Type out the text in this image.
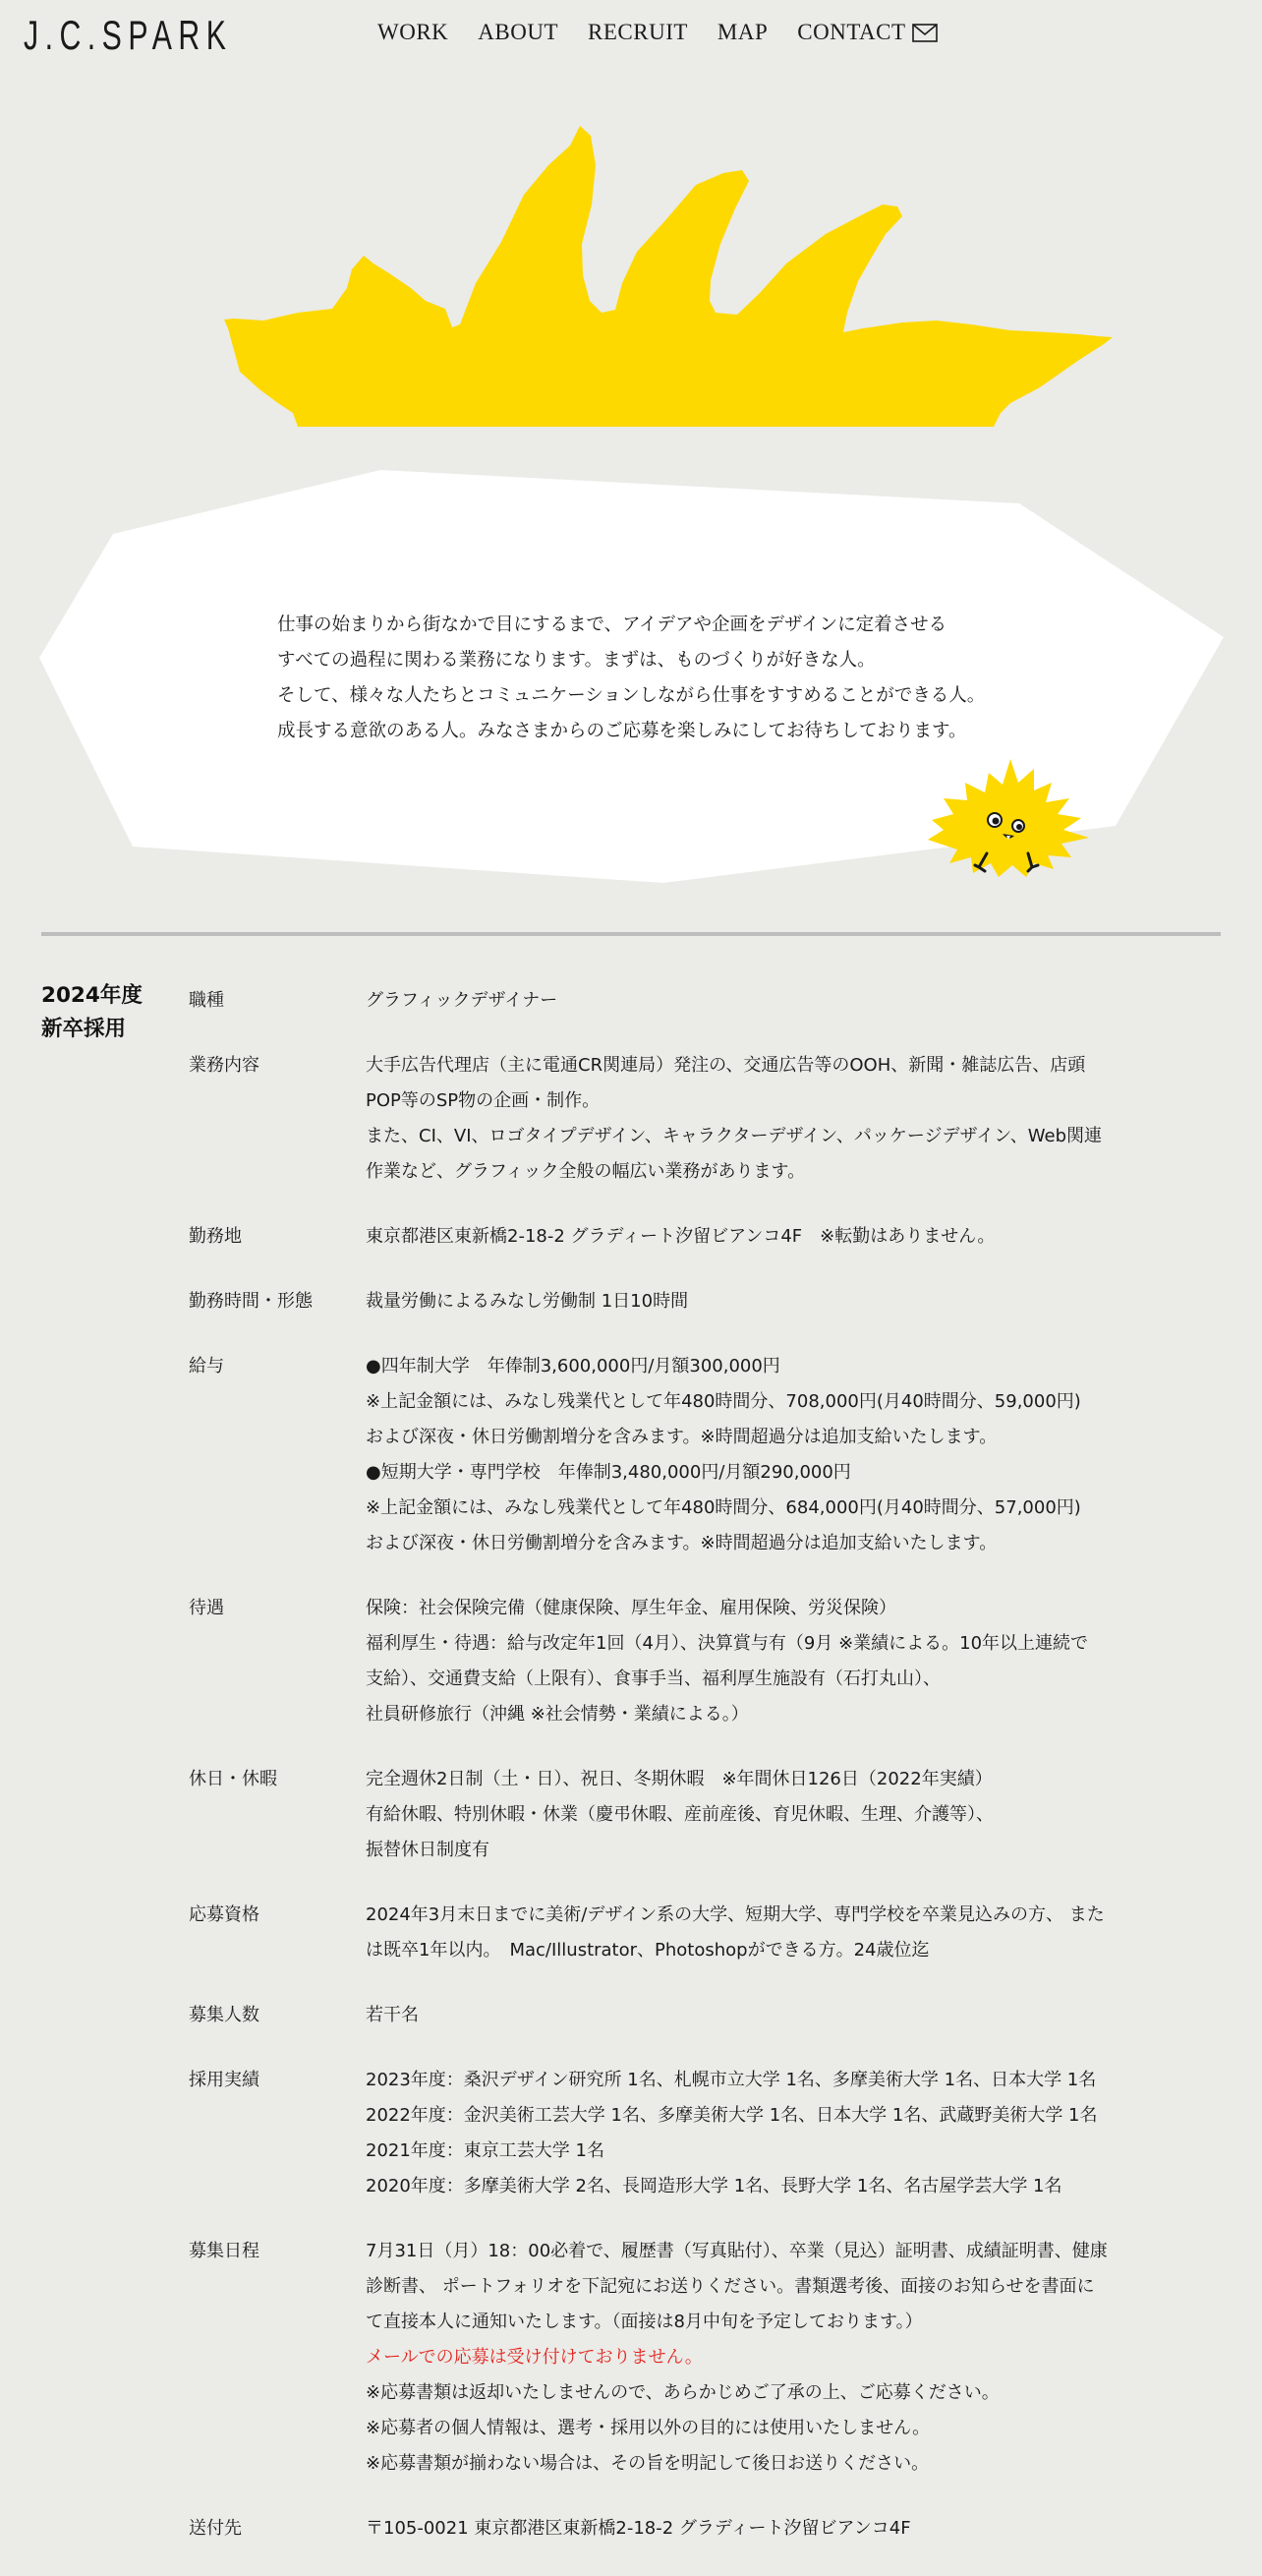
J.C.SPARK	WORK ABOUT RECRUIT MAP CONTACT

仕事の始まりから街なかで目にするまで、アイデアや企画をデザインに定着させる

すべての過程に関わる業務になります。まずは、ものづくりが好きな人。

そして、様々な人たちとコミュニケーションしながら仕事をすすめることができる人。

成長する意欲のある人。みなさまからのご応募を楽しみにしてお待ちしております。

2024年度
新卒採用
職種	グラフィックデザイナー

業務内容	大手広告代理店（主に電通CR関連局）発注の、交通広告等のOOH、新聞・雑誌広告、店頭

POP等のSP物の企画・制作。

また、CI、VI、ロゴタイプデザイン、キャラクターデザイン、パッケージデザイン、Web関連

作業など、グラフィック全般の幅広い業務があります。

勤務地	東京都港区東新橋2-18-2 グラディート汐留ビアンコ4F　※転勤はありません。

勤務時間・形態	裁量労働によるみなし労働制 1日10時間

給与	●四年制大学　年俸制3,600,000円/月額300,000円

※上記金額には、みなし残業代として年480時間分、708,000円(月40時間分、59,000円)

および深夜・休日労働割増分を含みます。※時間超過分は追加支給いたします。

●短期大学・専門学校　年俸制3,480,000円/月額290,000円

※上記金額には、みなし残業代として年480時間分、684,000円(月40時間分、57,000円)

および深夜・休日労働割増分を含みます。※時間超過分は追加支給いたします。

待遇	保険：社会保険完備（健康保険、厚生年金、雇用保険、労災保険）

福利厚生・待遇：給与改定年1回（4月）、決算賞与有（9月 ※業績による。10年以上連続で

支給）、交通費支給（上限有）、食事手当、福利厚生施設有（石打丸山）、

社員研修旅行（沖縄 ※社会情勢・業績による。）

休日・休暇	完全週休2日制（土・日）、祝日、冬期休暇　※年間休日126日（2022年実績）

有給休暇、特別休暇・休業（慶弔休暇、産前産後、育児休暇、生理、介護等）、

振替休日制度有

応募資格	2024年3月末日までに美術/デザイン系の大学、短期大学、専門学校を卒業見込みの方、 また

は既卒1年以内。　Mac/Illustrator、Photoshopができる方。24歳位迄

募集人数	若干名

採用実績	2023年度：桑沢デザイン研究所 1名、札幌市立大学 1名、多摩美術大学 1名、日本大学 1名

2022年度：金沢美術工芸大学 1名、多摩美術大学 1名、日本大学 1名、武蔵野美術大学 1名

2021年度：東京工芸大学 1名

2020年度：多摩美術大学 2名、長岡造形大学 1名、長野大学 1名、名古屋学芸大学 1名

募集日程	7月31日（月）18：00必着で、履歴書（写真貼付）、卒業（見込）証明書、成績証明書、健康

診断書、 ポートフォリオを下記宛にお送りください。書類選考後、面接のお知らせを書面に

て直接本人に通知いたします。（面接は8月中旬を予定しております。）

メールでの応募は受け付けておりません。

※応募書類は返却いたしませんので、あらかじめご了承の上、ご応募ください。

※応募者の個人情報は、選考・採用以外の目的には使用いたしません。

※応募書類が揃わない場合は、その旨を明記して後日お送りください。

送付先	〒105-0021 東京都港区東新橋2-18-2 グラディート汐留ビアンコ4F
